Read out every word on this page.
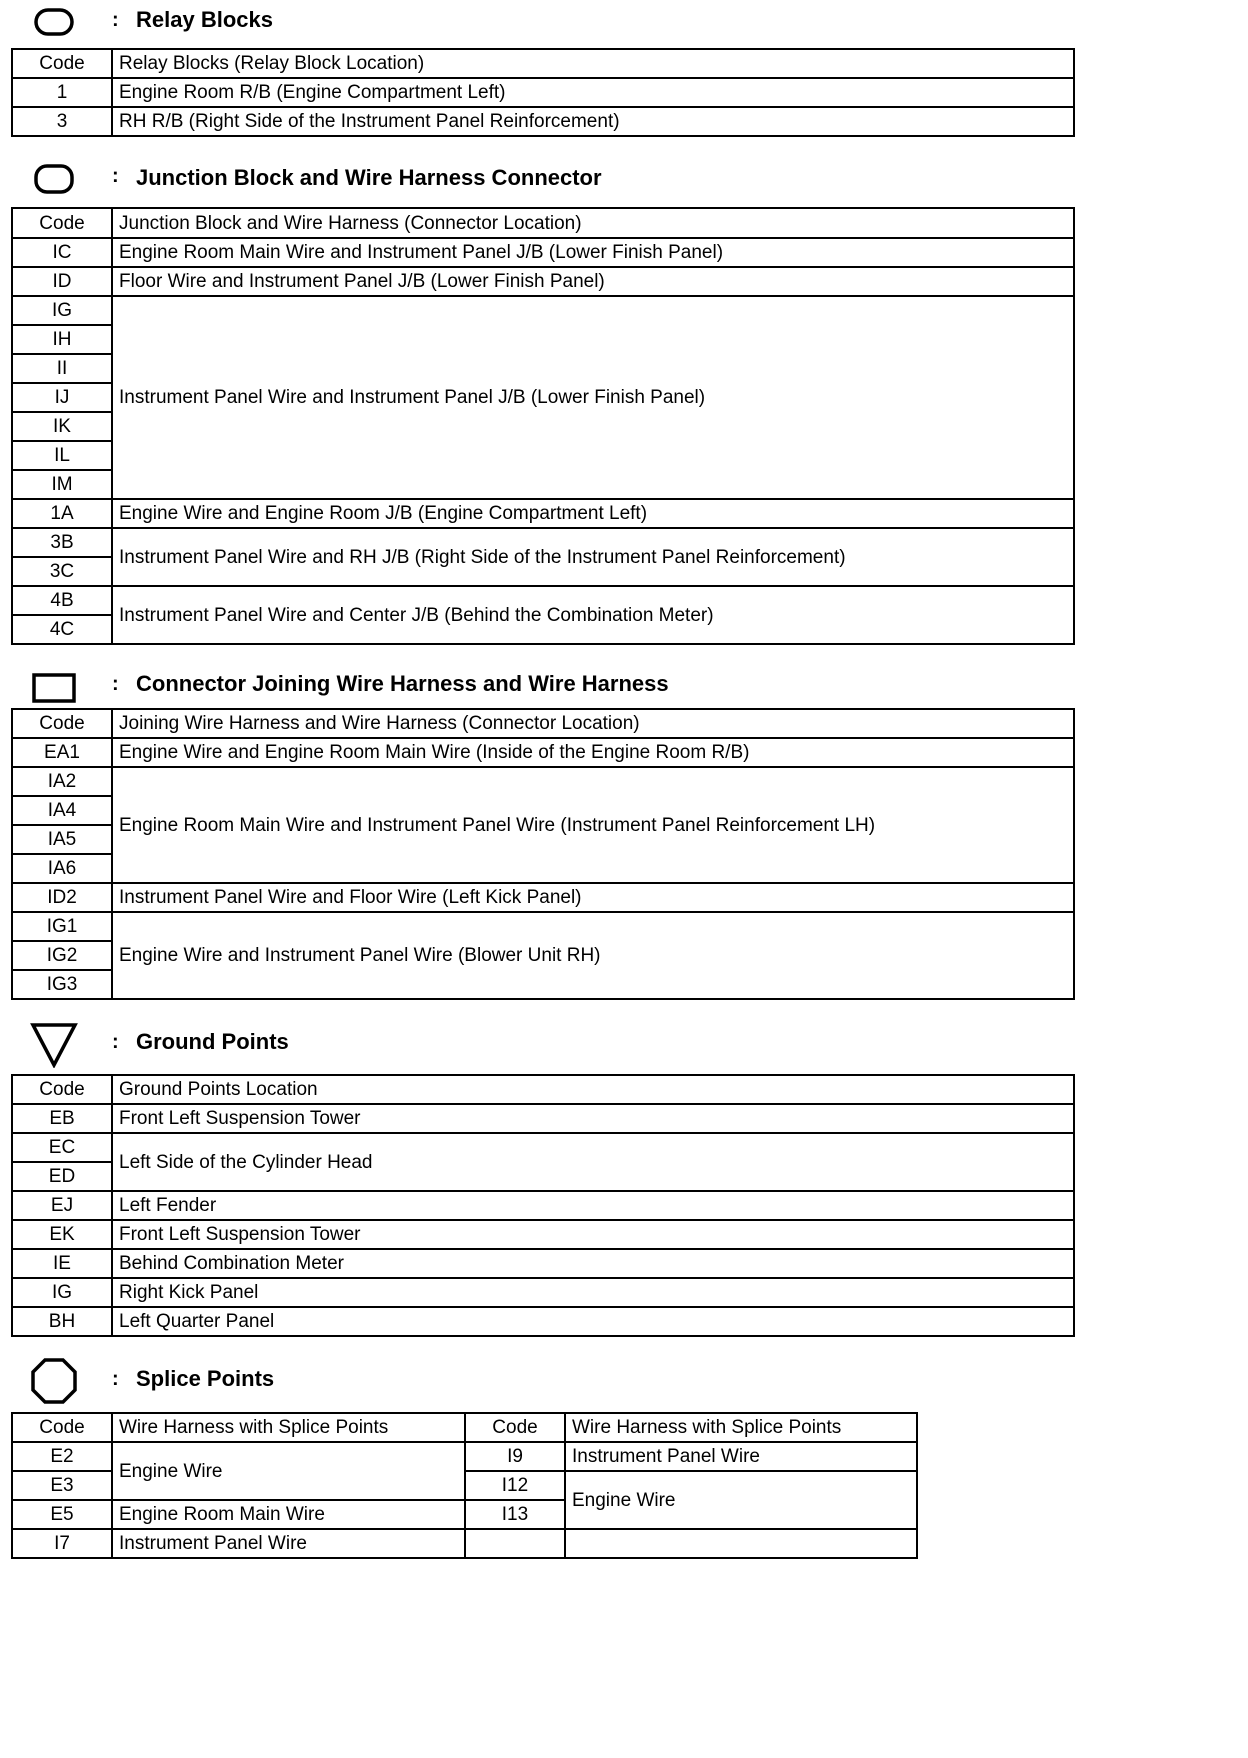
: Relay Blocks
Code	Relay Blocks (Relay Block Location)
1	Engine Room R/B (Engine Compartment Left)
3	RH R/B (Right Side of the Instrument Panel Reinforcement)
: Junction Block and Wire Harness Connector
Code	Junction Block and Wire Harness (Connector Location)
IC	Engine Room Main Wire and Instrument Panel J/B (Lower Finish Panel)
ID	Floor Wire and Instrument Panel J/B (Lower Finish Panel)
IG	Instrument Panel Wire and Instrument Panel J/B (Lower Finish Panel)
IH	
II	
IJ	
IK	
IL	
IM	
1A	Engine Wire and Engine Room J/B (Engine Compartment Left)
3B	Instrument Panel Wire and RH J/B (Right Side of the Instrument Panel Reinforcement)
3C	
4B	Instrument Panel Wire and Center J/B (Behind the Combination Meter)
4C	
: Connector Joining Wire Harness and Wire Harness
Code	Joining Wire Harness and Wire Harness (Connector Location)
EA1	Engine Wire and Engine Room Main Wire (Inside of the Engine Room R/B)
IA2	Engine Room Main Wire and Instrument Panel Wire (Instrument Panel Reinforcement LH)
IA4	
IA5	
IA6	
ID2	Instrument Panel Wire and Floor Wire (Left Kick Panel)
IG1	Engine Wire and Instrument Panel Wire (Blower Unit RH)
IG2	
IG3	
: Ground Points
Code	Ground Points Location
EB	Front Left Suspension Tower
EC	Left Side of the Cylinder Head
ED	
EJ	Left Fender
EK	Front Left Suspension Tower
IE	Behind Combination Meter
IG	Right Kick Panel
BH	Left Quarter Panel
: Splice Points
Code	Wire Harness with Splice Points	Code	Wire Harness with Splice Points
E2	Engine Wire	I9	Instrument Panel Wire
E3		I12	Engine Wire
E5	Engine Room Main Wire	I13	
I7	Instrument Panel Wire		
